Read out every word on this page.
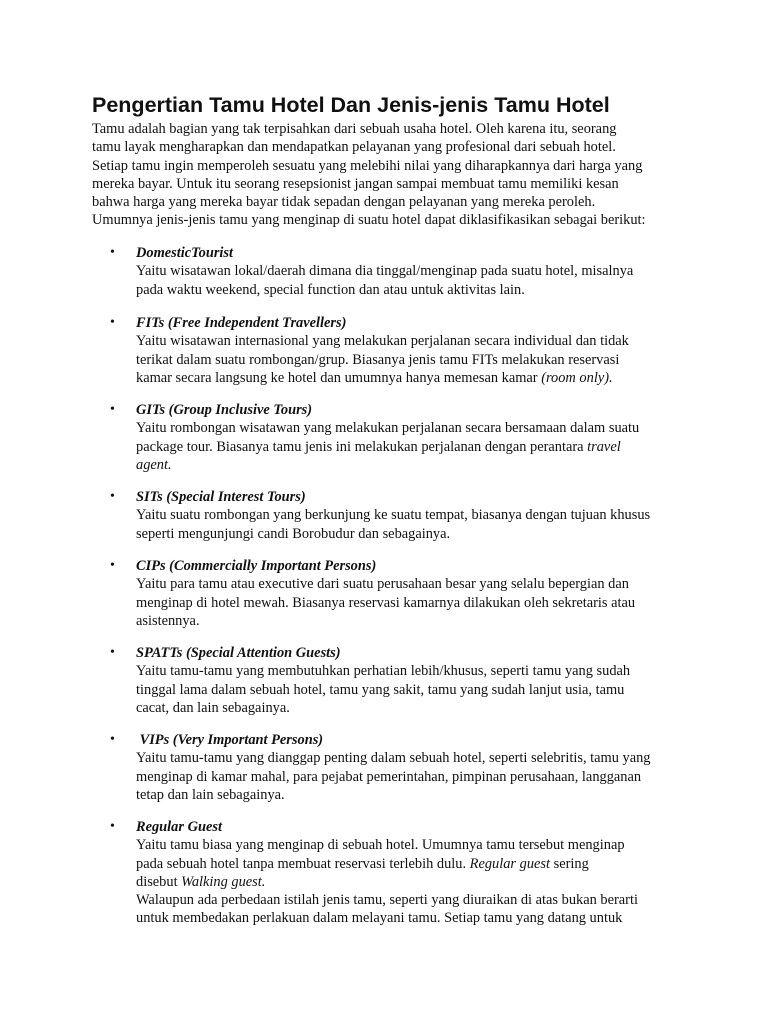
Pengertian Tamu Hotel Dan Jenis-jenis Tamu Hotel
Tamu adalah bagian yang tak terpisahkan dari sebuah usaha hotel. Oleh karena itu, seorang
tamu layak mengharapkan dan mendapatkan pelayanan yang profesional dari sebuah hotel.
Setiap tamu ingin memperoleh sesuatu yang melebihi nilai yang diharapkannya dari harga yang
mereka bayar. Untuk itu seorang resepsionist jangan sampai membuat tamu memiliki kesan
bahwa harga yang mereka bayar tidak sepadan dengan pelayanan yang mereka peroleh.
Umumnya jenis-jenis tamu yang menginap di suatu hotel dapat diklasifikasikan sebagai berikut:
•	DomesticTourist
Yaitu wisatawan lokal/daerah dimana dia tinggal/menginap pada suatu hotel, misalnya
pada waktu weekend, special function dan atau untuk aktivitas lain.
•	FITs (Free Independent Travellers)
Yaitu wisatawan internasional yang melakukan perjalanan secara individual dan tidak
terikat dalam suatu rombongan/grup. Biasanya jenis tamu FITs melakukan reservasi
kamar secara langsung ke hotel dan umumnya hanya memesan kamar (room only).
•	GITs (Group Inclusive Tours)
Yaitu rombongan wisatawan yang melakukan perjalanan secara bersamaan dalam suatu
package tour. Biasanya tamu jenis ini melakukan perjalanan dengan perantara travel
agent.
•	SITs (Special Interest Tours)
Yaitu suatu rombongan yang berkunjung ke suatu tempat, biasanya dengan tujuan khusus
seperti mengunjungi candi Borobudur dan sebagainya.
•	CIPs (Commercially Important Persons)
Yaitu para tamu atau executive dari suatu perusahaan besar yang selalu bepergian dan
menginap di hotel mewah. Biasanya reservasi kamarnya dilakukan oleh sekretaris atau
asistennya.
•	SPATTs (Special Attention Guests)
Yaitu tamu-tamu yang membutuhkan perhatian lebih/khusus, seperti tamu yang sudah
tinggal lama dalam sebuah hotel, tamu yang sakit, tamu yang sudah lanjut usia, tamu
cacat, dan lain sebagainya.
•	VIPs (Very Important Persons)
Yaitu tamu-tamu yang dianggap penting dalam sebuah hotel, seperti selebritis, tamu yang
menginap di kamar mahal, para pejabat pemerintahan, pimpinan perusahaan, langganan
tetap dan lain sebagainya.
•	Regular Guest
Yaitu tamu biasa yang menginap di sebuah hotel. Umumnya tamu tersebut menginap
pada sebuah hotel tanpa membuat reservasi terlebih dulu. Regular guest sering
disebut Walking guest.
Walaupun ada perbedaan istilah jenis tamu, seperti yang diuraikan di atas bukan berarti
untuk membedakan perlakuan dalam melayani tamu. Setiap tamu yang datang untuk
